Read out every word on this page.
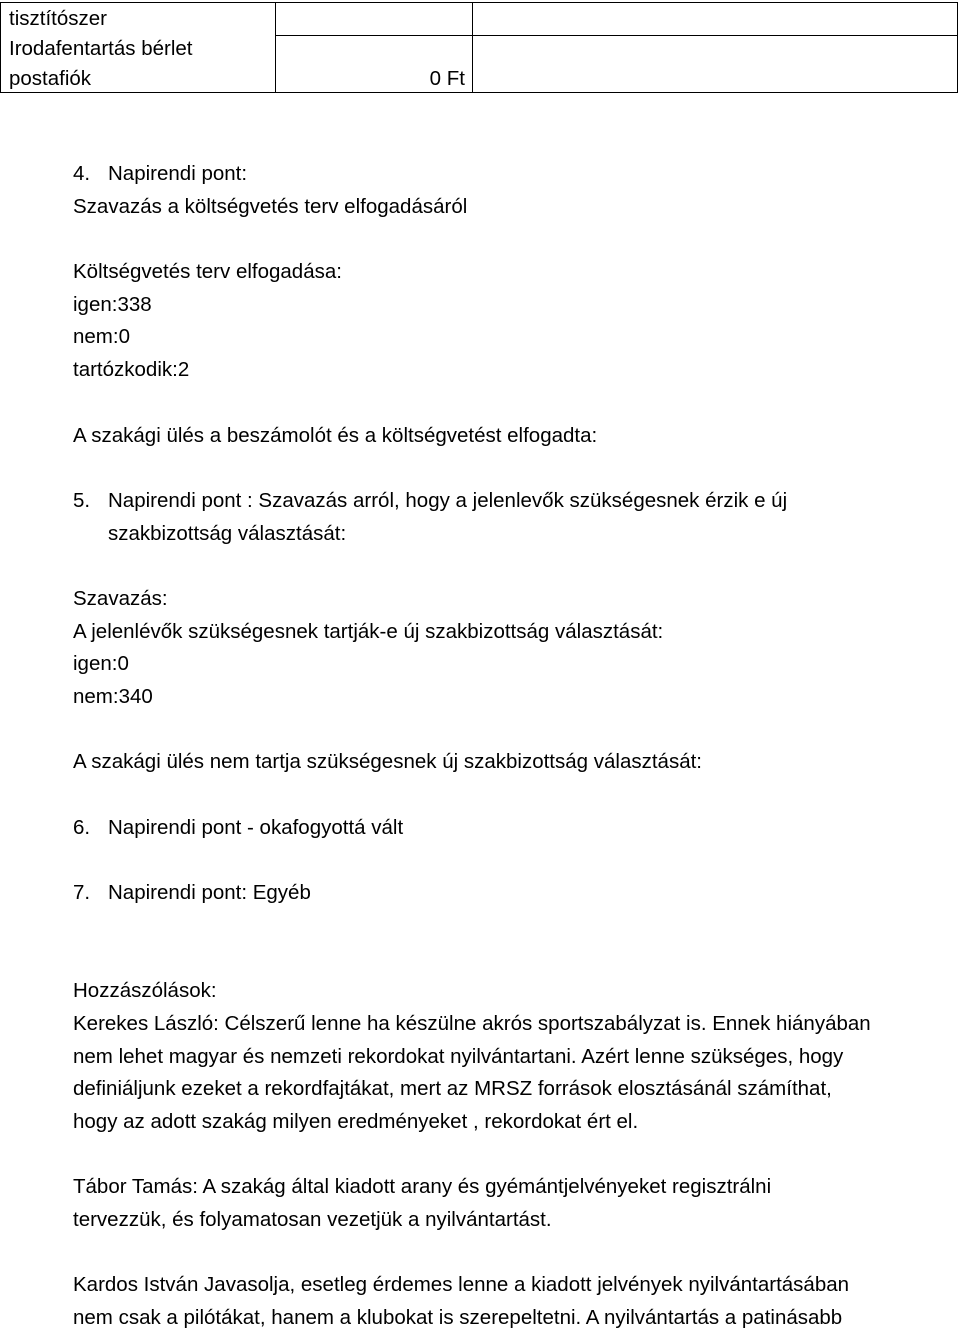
tisztítószer
Irodafentartás bérlet
postafiók	0 Ft
4. Napirendi pont:
Szavazás a költségvetés terv elfogadásáról
Költségvetés terv elfogadása:
igen:338
nem:0
tartózkodik:2
A szakági ülés a beszámolót és a költségvetést elfogadta:
5. Napirendi pont : Szavazás arról, hogy a jelenlevők szükségesnek érzik e új
szakbizottság választását:
Szavazás:
A jelenlévők szükségesnek tartják-e új szakbizottság választását:
igen:0
nem:340
A szakági ülés nem tartja szükségesnek új szakbizottság választását:
6. Napirendi pont - okafogyottá vált
7. Napirendi pont: Egyéb
Hozzászólások:
Kerekes László: Célszerű lenne ha készülne akrós sportszabályzat is. Ennek hiányában
nem lehet magyar és nemzeti rekordokat nyilvántartani. Azért lenne szükséges, hogy
definiáljunk ezeket a rekordfajtákat, mert az MRSZ források elosztásánál számíthat,
hogy az adott szakág milyen eredményeket , rekordokat ért el.
Tábor Tamás: A szakág által kiadott arany és gyémántjelvényeket regisztrálni
tervezzük, és folyamatosan vezetjük a nyilvántartást.
Kardos István Javasolja, esetleg érdemes lenne a kiadott jelvények nyilvántartásában
nem csak a pilótákat, hanem a klubokat is szerepeltetni. A nyilvántartás a patinásabb
